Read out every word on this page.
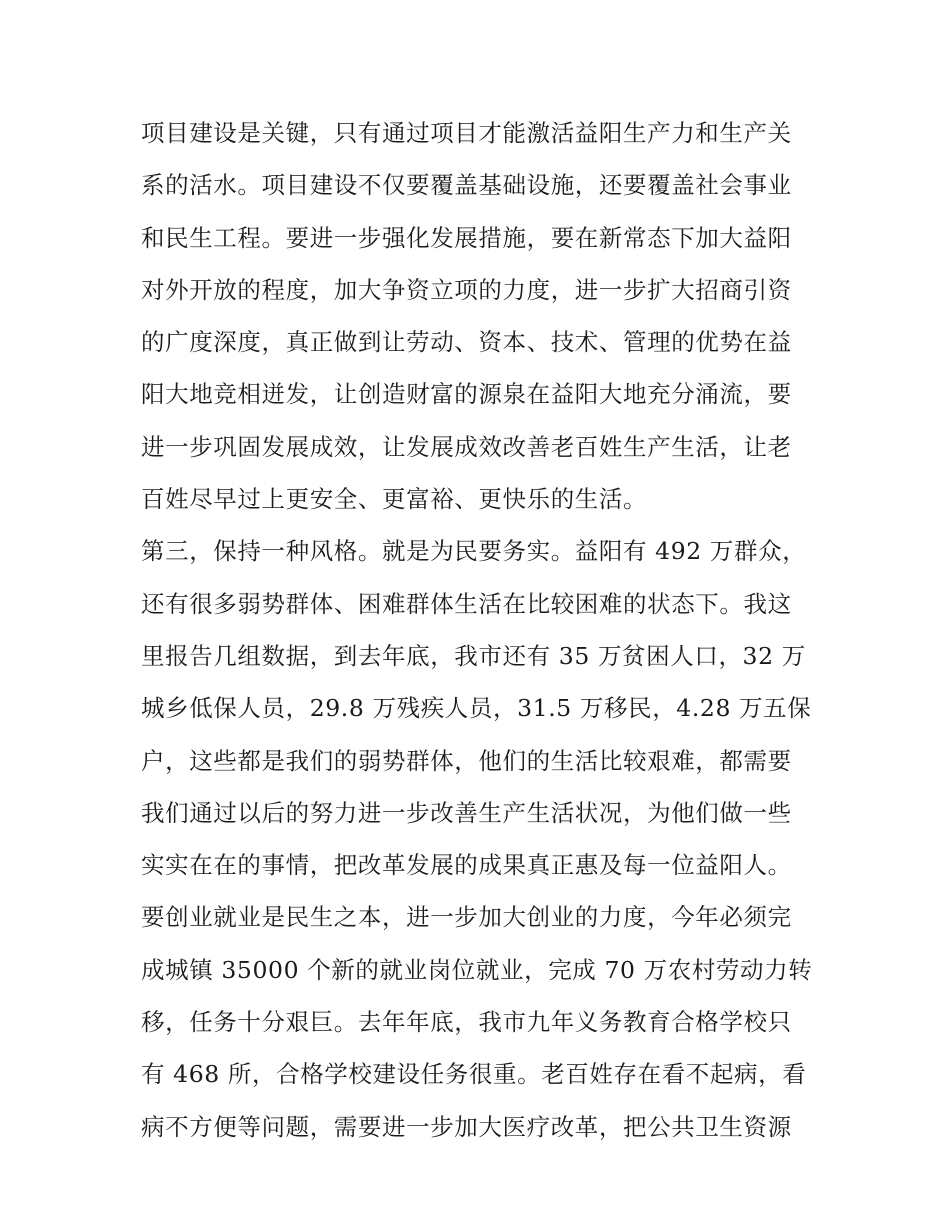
项目建设是关键，只有通过项目才能激活益阳生产力和生产关
系的活水。项目建设不仅要覆盖基础设施，还要覆盖社会事业
和民生工程。要进一步强化发展措施，要在新常态下加大益阳
对外开放的程度，加大争资立项的力度，进一步扩大招商引资
的广度深度，真正做到让劳动、资本、技术、管理的优势在益
阳大地竞相迸发，让创造财富的源泉在益阳大地充分涌流，要
进一步巩固发展成效，让发展成效改善老百姓生产生活，让老
百姓尽早过上更安全、更富裕、更快乐的生活。
第三，保持一种风格。就是为民要务实。益阳有 492 万群众，
还有很多弱势群体、困难群体生活在比较困难的状态下。我这
里报告几组数据，到去年底，我市还有 35 万贫困人口，32 万
城乡低保人员，29.8 万残疾人员，31.5 万移民，4.28 万五保
户，这些都是我们的弱势群体，他们的生活比较艰难，都需要
我们通过以后的努力进一步改善生产生活状况，为他们做一些
实实在在的事情，把改革发展的成果真正惠及每一位益阳人。
要创业就业是民生之本，进一步加大创业的力度，今年必须完
成城镇 35000 个新的就业岗位就业，完成 70 万农村劳动力转
移，任务十分艰巨。去年年底，我市九年义务教育合格学校只
有 468 所，合格学校建设任务很重。老百姓存在看不起病，看
病不方便等问题，需要进一步加大医疗改革，把公共卫生资源
